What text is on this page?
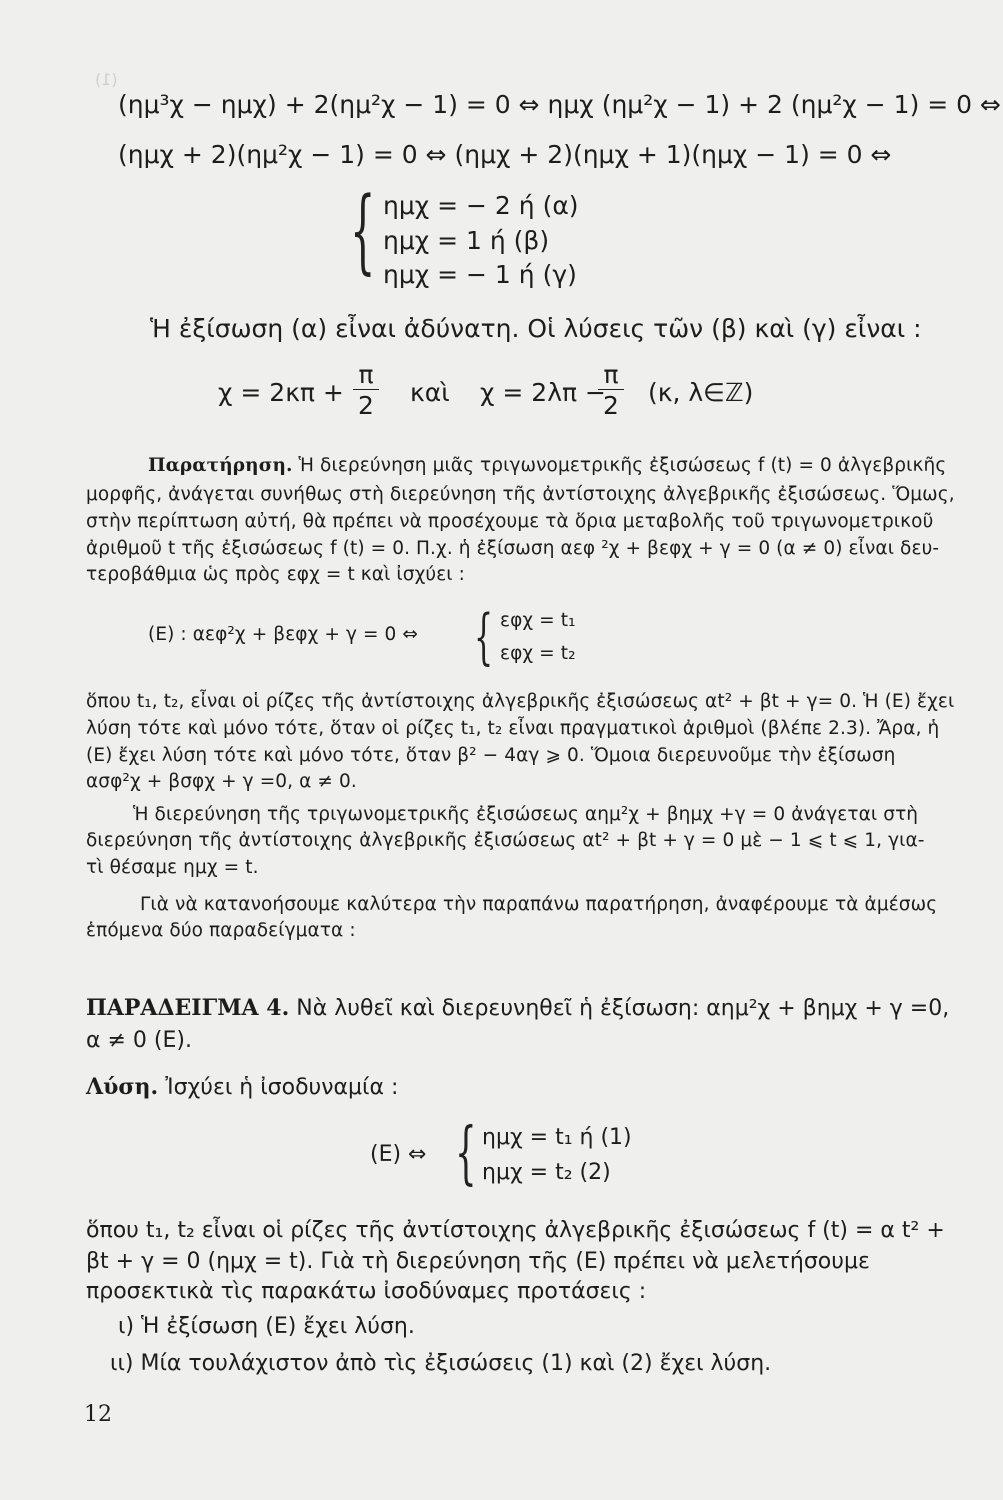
(1)
(ημ³χ − ημχ) + 2(ημ²χ − 1) = 0 ⇔ ημχ (ημ²χ − 1) + 2 (ημ²χ − 1) = 0 ⇔
(ημχ + 2)(ημ²χ − 1) = 0 ⇔ (ημχ + 2)(ημχ + 1)(ημχ − 1) = 0 ⇔
{ ημχ = − 2 ή (α)
ημχ = 1 ή (β)
ημχ = − 1 ή (γ)
Ἡ ἐξίσωση (α) εἶναι ἀδύνατη. Οἱ λύσεις τῶν (β) καὶ (γ) εἶναι :
χ = 2κπ +
π
2 καὶ χ = 2λπ −
π
2 (κ, λ∈ℤ)
Παρατήρηση. Ἡ διερεύνηση μιᾶς τριγωνομετρικῆς ἐξισώσεως f (t) = 0 ἀλγεβρικῆς
μορφῆς, ἀνάγεται συνήθως στὴ διερεύνηση τῆς ἀντίστοιχης ἀλγεβρικῆς ἐξισώσεως. Ὅμως,
στὴν περίπτωση αὐτή, θὰ πρέπει νὰ προσέχουμε τὰ ὅρια μεταβολῆς τοῦ τριγωνομετρικοῦ
ἀριθμοῦ t τῆς ἐξισώσεως f (t) = 0. Π.χ. ἡ ἐξίσωση αεφ ²χ + βεφχ + γ = 0 (α ≠ 0) εἶναι δευ-
τεροβάθμια ὡς πρὸς εφχ = t καὶ ἰσχύει :
(Ε) : αεφ²χ + βεφχ + γ = 0 ⇔ { εφχ = t₁
εφχ = t₂
ὅπου t₁, t₂, εἶναι οἱ ρίζες τῆς ἀντίστοιχης ἀλγεβρικῆς ἐξισώσεως αt² + βt + γ= 0. Ἡ (Ε) ἔχει
λύση τότε καὶ μόνο τότε, ὅταν οἱ ρίζες t₁, t₂ εἶναι πραγματικοὶ ἀριθμοὶ (βλέπε 2.3). Ἄρα, ἡ
(Ε) ἔχει λύση τότε καὶ μόνο τότε, ὅταν β² − 4αγ ⩾ 0. Ὅμοια διερευνοῦμε τὴν ἐξίσωση
ασφ²χ + βσφχ + γ =0, α ≠ 0.
Ἡ διερεύνηση τῆς τριγωνομετρικῆς ἐξισώσεως αημ²χ + βημχ +γ = 0 ἀνάγεται στὴ
διερεύνηση τῆς ἀντίστοιχης ἀλγεβρικῆς ἐξισώσεως αt² + βt + γ = 0 μὲ − 1 ⩽ t ⩽ 1, για-
τὶ θέσαμε ημχ = t.
Γιὰ νὰ κατανοήσουμε καλύτερα τὴν παραπάνω παρατήρηση, ἀναφέρουμε τὰ ἀμέσως
ἑπόμενα δύο παραδείγματα :
ΠΑΡΑΔΕΙΓΜΑ 4. Νὰ λυθεῖ καὶ διερευνηθεῖ ἡ ἐξίσωση: αημ²χ + βημχ + γ =0,
α ≠ 0 (Ε).
Λύση. Ἰσχύει ἡ ἰσοδυναμία :
(Ε) ⇔ { ημχ = t₁ ή (1)
ημχ = t₂ (2)
ὅπου t₁, t₂ εἶναι οἱ ρίζες τῆς ἀντίστοιχης ἀλγεβρικῆς ἐξισώσεως f (t) = α t² +
βt + γ = 0 (ημχ = t). Γιὰ τὴ διερεύνηση τῆς (Ε) πρέπει νὰ μελετήσουμε
προσεκτικὰ τὶς παρακάτω ἰσοδύναμες προτάσεις :
ι) Ἡ ἐξίσωση (Ε) ἔχει λύση.
ιι) Μία τουλάχιστον ἀπὸ τὶς ἐξισώσεις (1) καὶ (2) ἔχει λύση.
12
